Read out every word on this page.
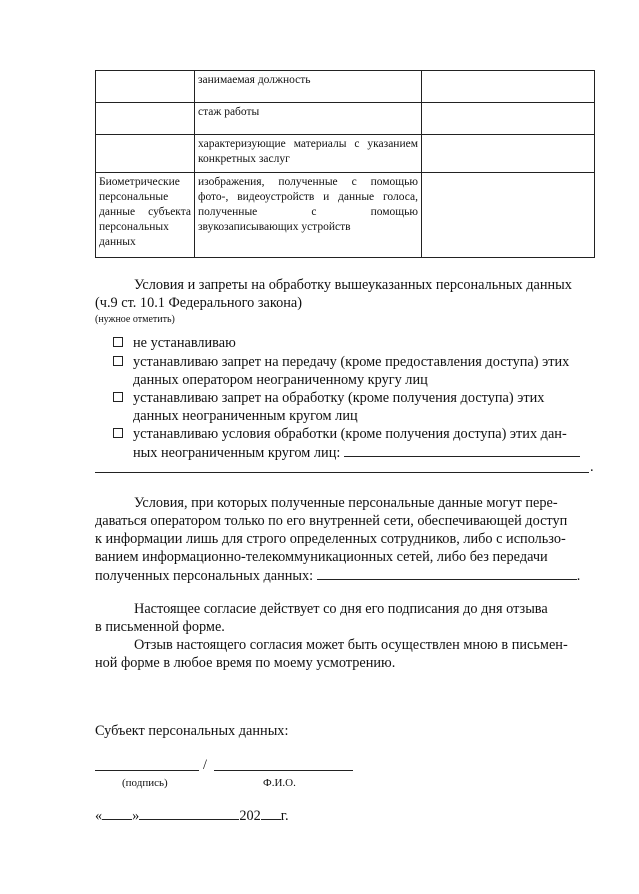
	занимаемая должность	
	стаж работы	
	характеризующие материалы с указанием конкретных заслуг	

Биометрические персональные данные субъекта персональных данных	изображения, полученные с помощью фото-, видеоустройств и данные голоса, полученные с помощью звукозаписывающих устройств	
Условия и запреты на обработку вышеуказанных персональных данных
(ч.9 ст. 10.1 Федерального закона)
(нужное отметить)
не устанавливаю
устанавливаю запрет на передачу (кроме предоставления доступа) этих
данных оператором неограниченному кругу лиц
устанавливаю запрет на обработку (кроме получения доступа) этих
данных неограниченным кругом лиц
устанавливаю условия обработки (кроме получения доступа) этих дан-
ных неограниченным кругом лиц:
.
Условия, при которых полученные персональные данные могут пере-
даваться оператором только по его внутренней сети, обеспечивающей доступ
к информации лишь для строго определенных сотрудников, либо с использо-
ванием информационно-телекоммуникационных сетей, либо без передачи
полученных персональных данных:	.
Настоящее согласие действует со дня его подписания до дня отзыва
в письменной форме.
Отзыв настоящего согласия может быть осуществлен мною в письмен-
ной форме в любое время по моему усмотрению.
Субъект персональных данных:
/
(подпись)	Ф.И.О.
« »	202 г.
